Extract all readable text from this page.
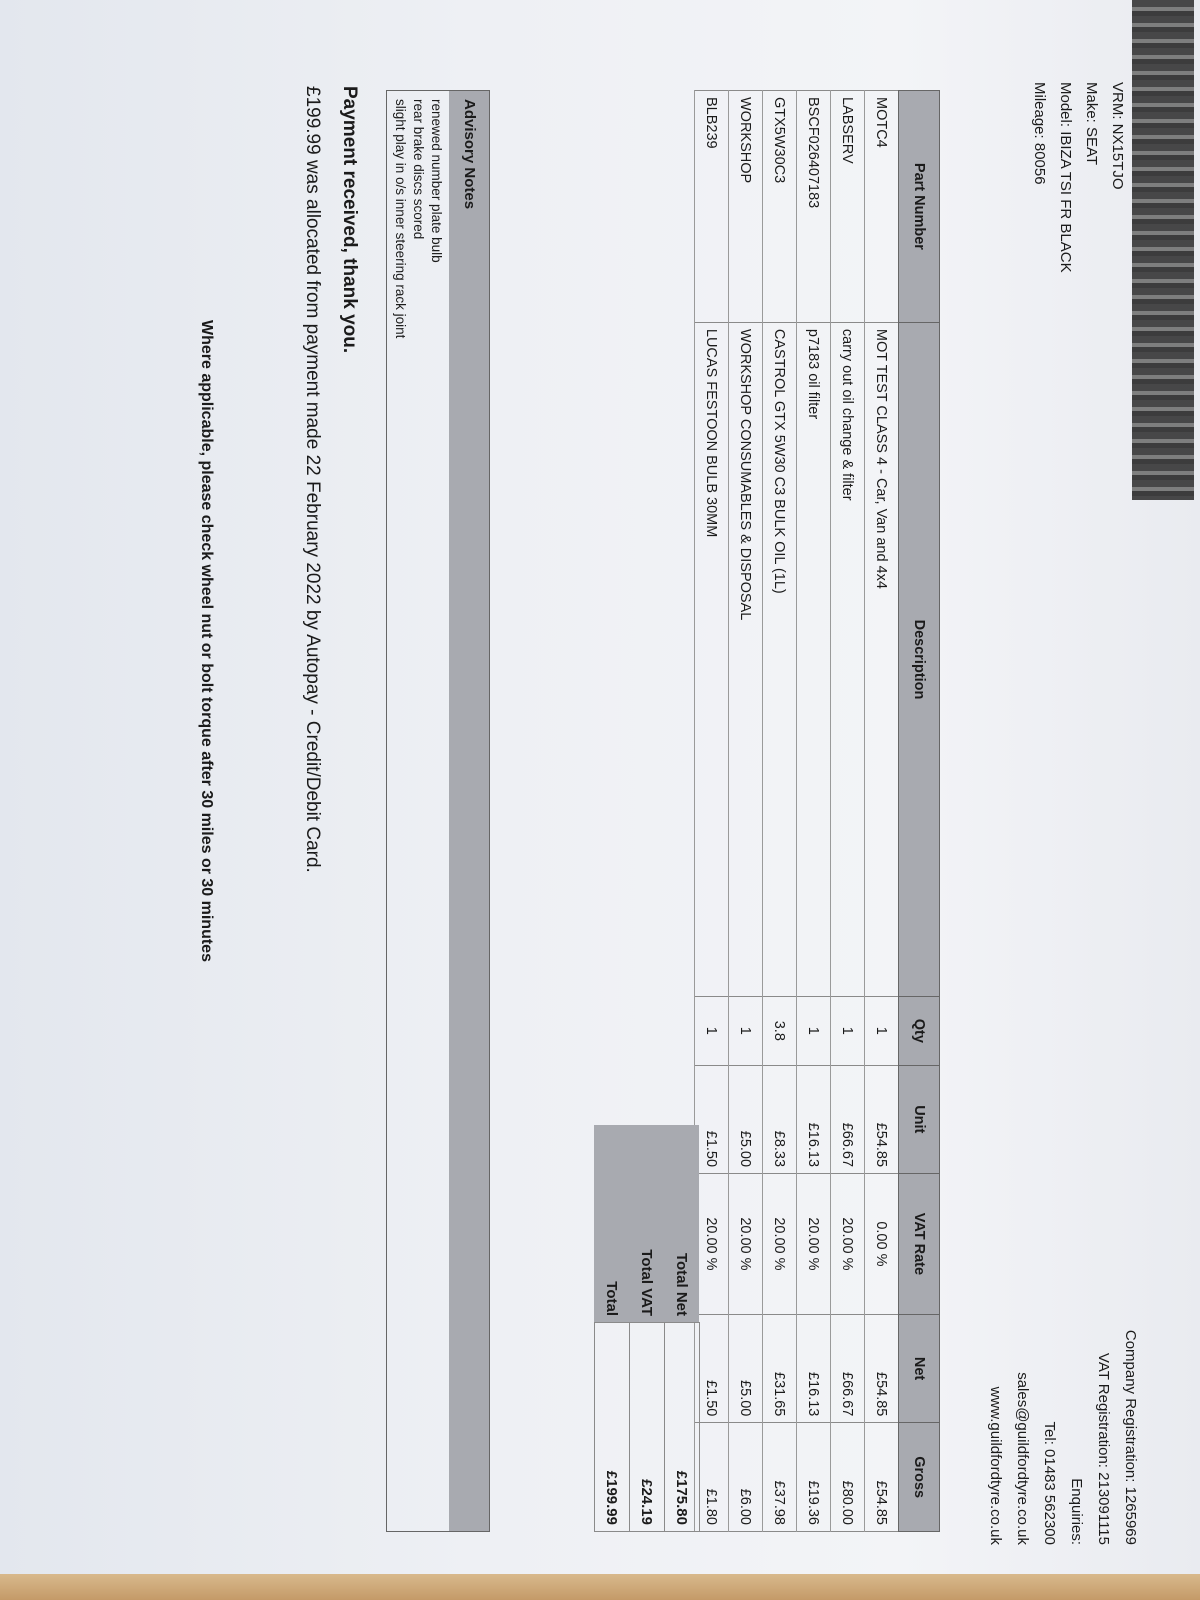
VRM: NX15TJO
Make: SEAT
Model: IBIZA TSI FR BLACK
Mileage: 80056
Company Registration: 1265969
VAT Registration: 213091115
Enquiries:
Tel: 01483 562300
sales@guildfordtyre.co.uk
www.guildfordtyre.co.uk
Part Number	Description	Qty	Unit	VAT Rate	Net	Gross
MOTC4	MOT TEST CLASS 4 - Car, Van and 4x4	1	£54.85	0.00 %	£54.85	£54.85
LABSERV	carry out oil change & filter	1	£66.67	20.00 %	£66.67	£80.00
BSCF026407183	p7183 oil filter	1	£16.13	20.00 %	£16.13	£19.36
GTX5W30C3	CASTROL GTX 5W30 C3 BULK OIL (1L)	3.8	£8.33	20.00 %	£31.65	£37.98
WORKSHOP	WORKSHOP CONSUMABLES & DISPOSAL	1	£5.00	20.00 %	£5.00	£6.00
BLB239	LUCAS FESTOON BULB 30MM	1	£1.50	20.00 %	£1.50	£1.80
Total Net	£175.80
Total VAT	£24.19
Total	£199.99
Advisory Notes
renewed number plate bulb
rear brake discs scored
slight play in o/s inner steering rack joint
Payment received, thank you.
£199.99 was allocated from payment made 22 February 2022 by Autopay - Credit/Debit Card.
Where applicable, please check wheel nut or bolt torque after 30 miles or 30 minutes
